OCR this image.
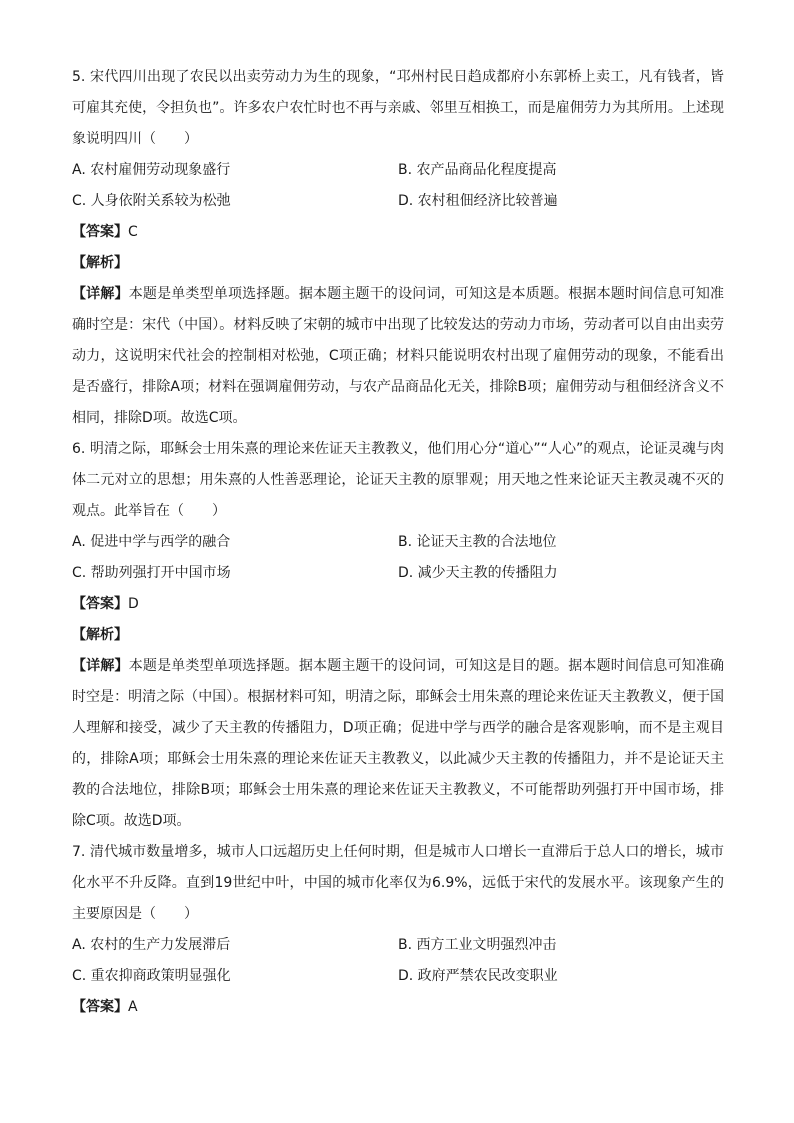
5. 宋代四川出现了农民以出卖劳动力为生的现象，“邛州村民日趋成都府小东郭桥上卖工，凡有钱者，皆可雇其充使，令担负也”。许多农户农忙时也不再与亲戚、邻里互相换工，而是雇佣劳力为其所用。上述现象说明四川（　　）

A. 农村雇佣劳动现象盛行	B. 农产品商品化程度提高
C. 人身依附关系较为松弛	D. 农村租佃经济比较普遍

【答案】C

【解析】

【详解】本题是单类型单项选择题。据本题主题干的设问词，可知这是本质题。根据本题时间信息可知准确时空是：宋代（中国）。材料反映了宋朝的城市中出现了比较发达的劳动力市场，劳动者可以自由出卖劳动力，这说明宋代社会的控制相对松弛，C项正确；材料只能说明农村出现了雇佣劳动的现象，不能看出是否盛行，排除A项；材料在强调雇佣劳动，与农产品商品化无关，排除B项；雇佣劳动与租佃经济含义不相同，排除D项。故选C项。

6. 明清之际，耶稣会士用朱熹的理论来佐证天主教教义，他们用心分“道心”“人心”的观点，论证灵魂与肉体二元对立的思想；用朱熹的人性善恶理论，论证天主教的原罪观；用天地之性来论证天主教灵魂不灭的观点。此举旨在（　　）

A. 促进中学与西学的融合	B. 论证天主教的合法地位
C. 帮助列强打开中国市场	D. 减少天主教的传播阻力

【答案】D

【解析】

【详解】本题是单类型单项选择题。据本题主题干的设问词，可知这是目的题。据本题时间信息可知准确时空是：明清之际（中国）。根据材料可知，明清之际，耶稣会士用朱熹的理论来佐证天主教教义，便于国人理解和接受，减少了天主教的传播阻力，D项正确；促进中学与西学的融合是客观影响，而不是主观目的，排除A项；耶稣会士用朱熹的理论来佐证天主教教义，以此减少天主教的传播阻力，并不是论证天主教的合法地位，排除B项；耶稣会士用朱熹的理论来佐证天主教教义，不可能帮助列强打开中国市场，排除C项。故选D项。

7. 清代城市数量增多，城市人口远超历史上任何时期，但是城市人口增长一直滞后于总人口的增长，城市化水平不升反降。直到19世纪中叶，中国的城市化率仅为6.9%，远低于宋代的发展水平。该现象产生的主要原因是（　　）

A. 农村的生产力发展滞后	B. 西方工业文明强烈冲击
C. 重农抑商政策明显强化	D. 政府严禁农民改变职业

【答案】A
